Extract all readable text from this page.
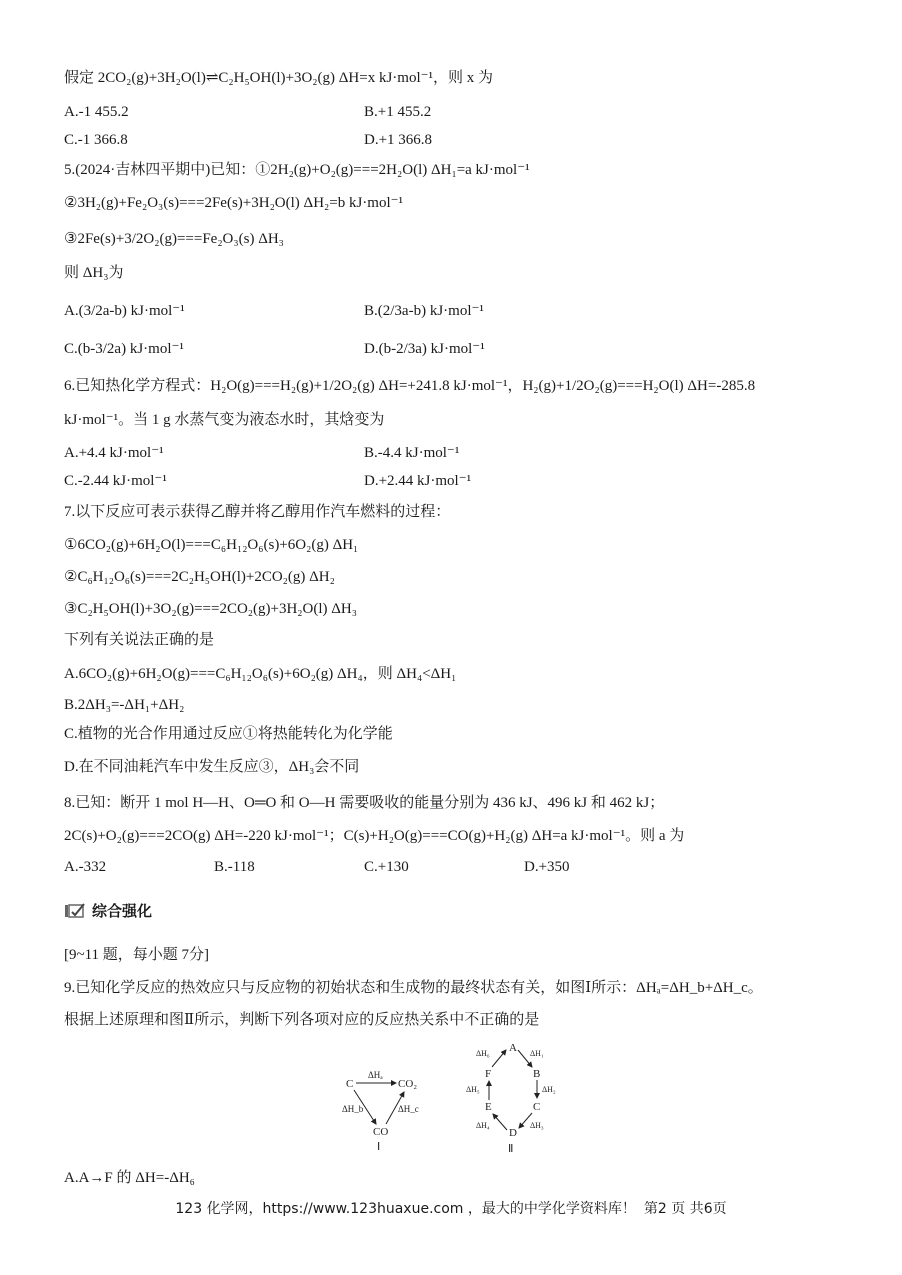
假定 2CO₂(g)+3H₂O(l)⇌C₂H₅OH(l)+3O₂(g) ΔH=x kJ·mol⁻¹，则 x 为
A.-1 455.2	B.+1 455.2
C.-1 366.8	D.+1 366.8
5.(2024·吉林四平期中)已知：①2H₂(g)+O₂(g)===2H₂O(l) ΔH₁=a kJ·mol⁻¹
②3H₂(g)+Fe₂O₃(s)===2Fe(s)+3H₂O(l) ΔH₂=b kJ·mol⁻¹
③2Fe(s)+3/2O₂(g)===Fe₂O₃(s) ΔH₃
则 ΔH₃为
A.(3/2a-b) kJ·mol⁻¹	B.(2/3a-b) kJ·mol⁻¹
C.(b-3/2a) kJ·mol⁻¹	D.(b-2/3a) kJ·mol⁻¹
6.已知热化学方程式：H₂O(g)===H₂(g)+1/2O₂(g) ΔH=+241.8 kJ·mol⁻¹，H₂(g)+1/2O₂(g)===H₂O(l) ΔH=-285.8
kJ·mol⁻¹。当 1 g 水蒸气变为液态水时，其焓变为
A.+4.4 kJ·mol⁻¹	B.-4.4 kJ·mol⁻¹
C.-2.44 kJ·mol⁻¹	D.+2.44 kJ·mol⁻¹
7.以下反应可表示获得乙醇并将乙醇用作汽车燃料的过程：
①6CO₂(g)+6H₂O(l)===C₆H₁₂O₆(s)+6O₂(g) ΔH₁
②C₆H₁₂O₆(s)===2C₂H₅OH(l)+2CO₂(g) ΔH₂
③C₂H₅OH(l)+3O₂(g)===2CO₂(g)+3H₂O(l) ΔH₃
下列有关说法正确的是
A.6CO₂(g)+6H₂O(g)===C₆H₁₂O₆(s)+6O₂(g) ΔH₄，则 ΔH₄<ΔH₁
B.2ΔH₃=-ΔH₁+ΔH₂
C.植物的光合作用通过反应①将热能转化为化学能
D.在不同油耗汽车中发生反应③，ΔH₃会不同
8.已知：断开 1 mol H—H、O═O 和 O—H 需要吸收的能量分别为 436 kJ、496 kJ 和 462 kJ；
2C(s)+O₂(g)===2CO(g) ΔH=-220 kJ·mol⁻¹；C(s)+H₂O(g)===CO(g)+H₂(g) ΔH=a kJ·mol⁻¹。则 a 为
A.-332	B.-118	C.+130	D.+350
综合强化
[9~11 题，每小题 7分]
9.已知化学反应的热效应只与反应物的初始状态和生成物的最终状态有关，如图Ⅰ所示：ΔHₐ=ΔH_b+ΔH_c。
根据上述原理和图Ⅱ所示，判断下列各项对应的反应热关系中不正确的是
A.A→F 的 ΔH=-ΔH₆
C	CO₂
CO
ΔHₐ
ΔH_b	ΔH_c
Ⅰ
A
B
C
D
E
F
ΔH₁
ΔH₂
ΔH₃
ΔH₄
ΔH₅
ΔH₆
Ⅱ
123 化学网，https://www.123huaxue.com ，最大的中学化学资料库！ 第2 页 共6页
